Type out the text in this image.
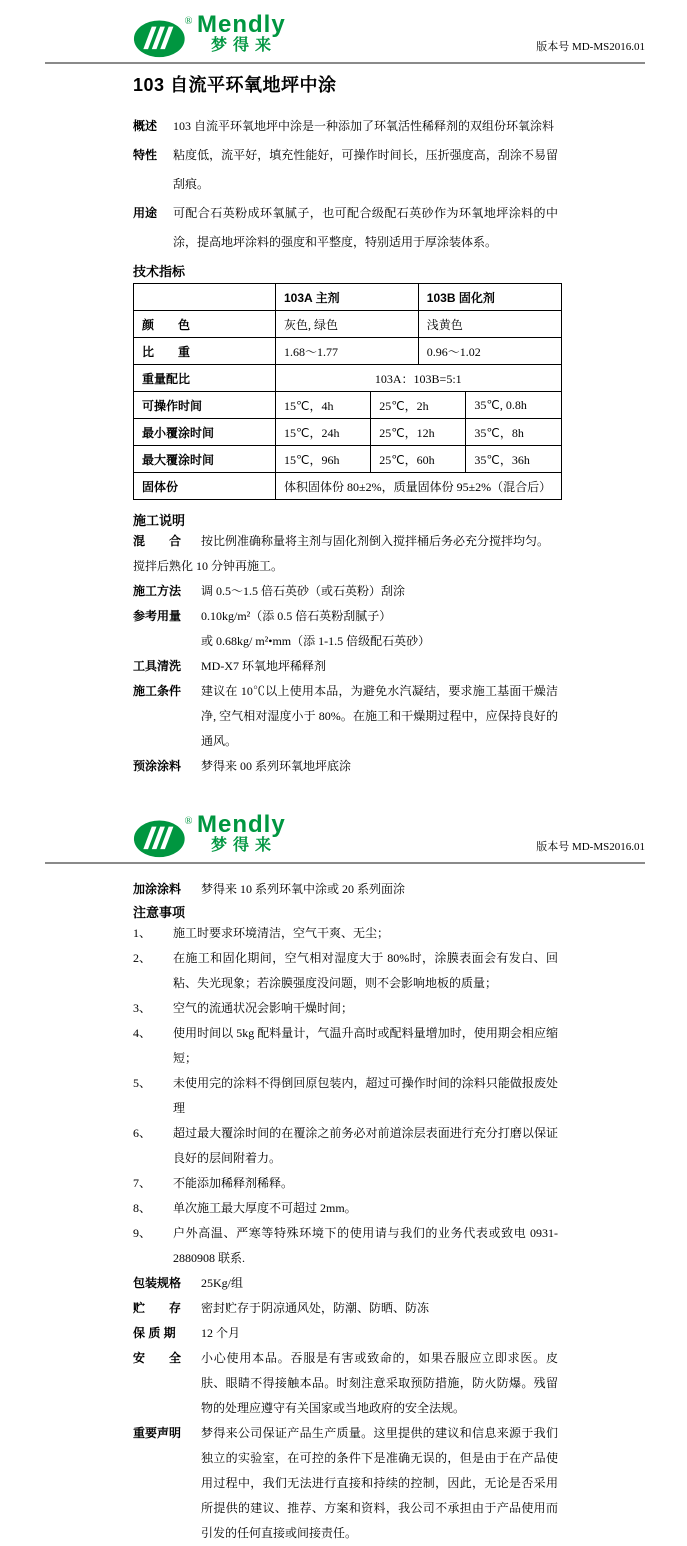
® Mendly
梦得来	版本号 MD-MS2016.01
103 自流平环氧地坪中涂
概述	103 自流平环氧地坪中涂是一种添加了环氧活性稀释剂的双组份环氧涂料
特性	粘度低，流平好，填充性能好，可操作时间长，压折强度高，刮涂不易留刮痕。
用途	可配合石英粉成环氧腻子，也可配合级配石英砂作为环氧地坪涂料的中涂，提高地坪涂料的强度和平整度，特别适用于厚涂装体系。
技术指标
	103A 主剂		103B 固化剂	
颜　　色	灰色, 绿色		浅黄色	
比　　重	1.68～1.77		0.96～1.02	
重量配比	103A：103B=5:1			
可操作时间	15℃，4h	25℃，2h		35℃, 0.8h
最小覆涂时间	15℃，24h	25℃，12h		35℃，8h
最大覆涂时间	15℃，96h	25℃，60h		35℃，36h
固体份	体积固体份 80±2%，质量固体份 95±2%（混合后）			
施工说明
混　　合	按比例准确称量将主剂与固化剂倒入搅拌桶后务必充分搅拌均匀。
搅拌后熟化 10 分钟再施工。
施工方法	调 0.5～1.5 倍石英砂（或石英粉）刮涂
参考用量	0.10kg/m²（添 0.5 倍石英粉刮腻子）
或 0.68kg/ m²•mm（添 1-1.5 倍级配石英砂）
工具清洗	MD-X7 环氧地坪稀释剂
施工条件	建议在 10℃以上使用本品，为避免水汽凝结，要求施工基面干燥洁净, 空气相对湿度小于 80%。在施工和干燥期过程中，应保持良好的通风。
预涂涂料	梦得来 00 系列环氧地坪底涂
® Mendly
梦得来	版本号 MD-MS2016.01
加涂涂料	梦得来 10 系列环氧中涂或 20 系列面涂
注意事项
1、	施工时要求环境清洁，空气干爽、无尘；
2、	在施工和固化期间，空气相对湿度大于 80%时，涂膜表面会有发白、回粘、失光现象；若涂膜强度没问题，则不会影响地板的质量；
3、	空气的流通状况会影响干燥时间；
4、	使用时间以 5kg 配料量计，气温升高时或配料量增加时，使用期会相应缩短；
5、	未使用完的涂料不得倒回原包装内，超过可操作时间的涂料只能做报废处理
6、	超过最大覆涂时间的在覆涂之前务必对前道涂层表面进行充分打磨以保证良好的层间附着力。
7、	不能添加稀释剂稀释。
8、	单次施工最大厚度不可超过 2mm。
9、	户外高温、严寒等特殊环境下的使用请与我们的业务代表或致电 0931-2880908 联系.
包装规格	25Kg/组
贮　　存	密封贮存于阴凉通风处，防潮、防晒、防冻
保 质 期	12 个月
安　　全	小心使用本品。吞服是有害或致命的，如果吞服应立即求医。皮肤、眼睛不得接触本品。时刻注意采取预防措施，防火防爆。残留物的处理应遵守有关国家或当地政府的安全法规。
重要声明	梦得来公司保证产品生产质量。这里提供的建议和信息来源于我们独立的实验室，在可控的条件下是准确无误的，但是由于在产品使用过程中，我们无法进行直接和持续的控制，因此，无论是否采用所提供的建议、推荐、方案和资料，我公司不承担由于产品使用而引发的任何直接或间接责任。
